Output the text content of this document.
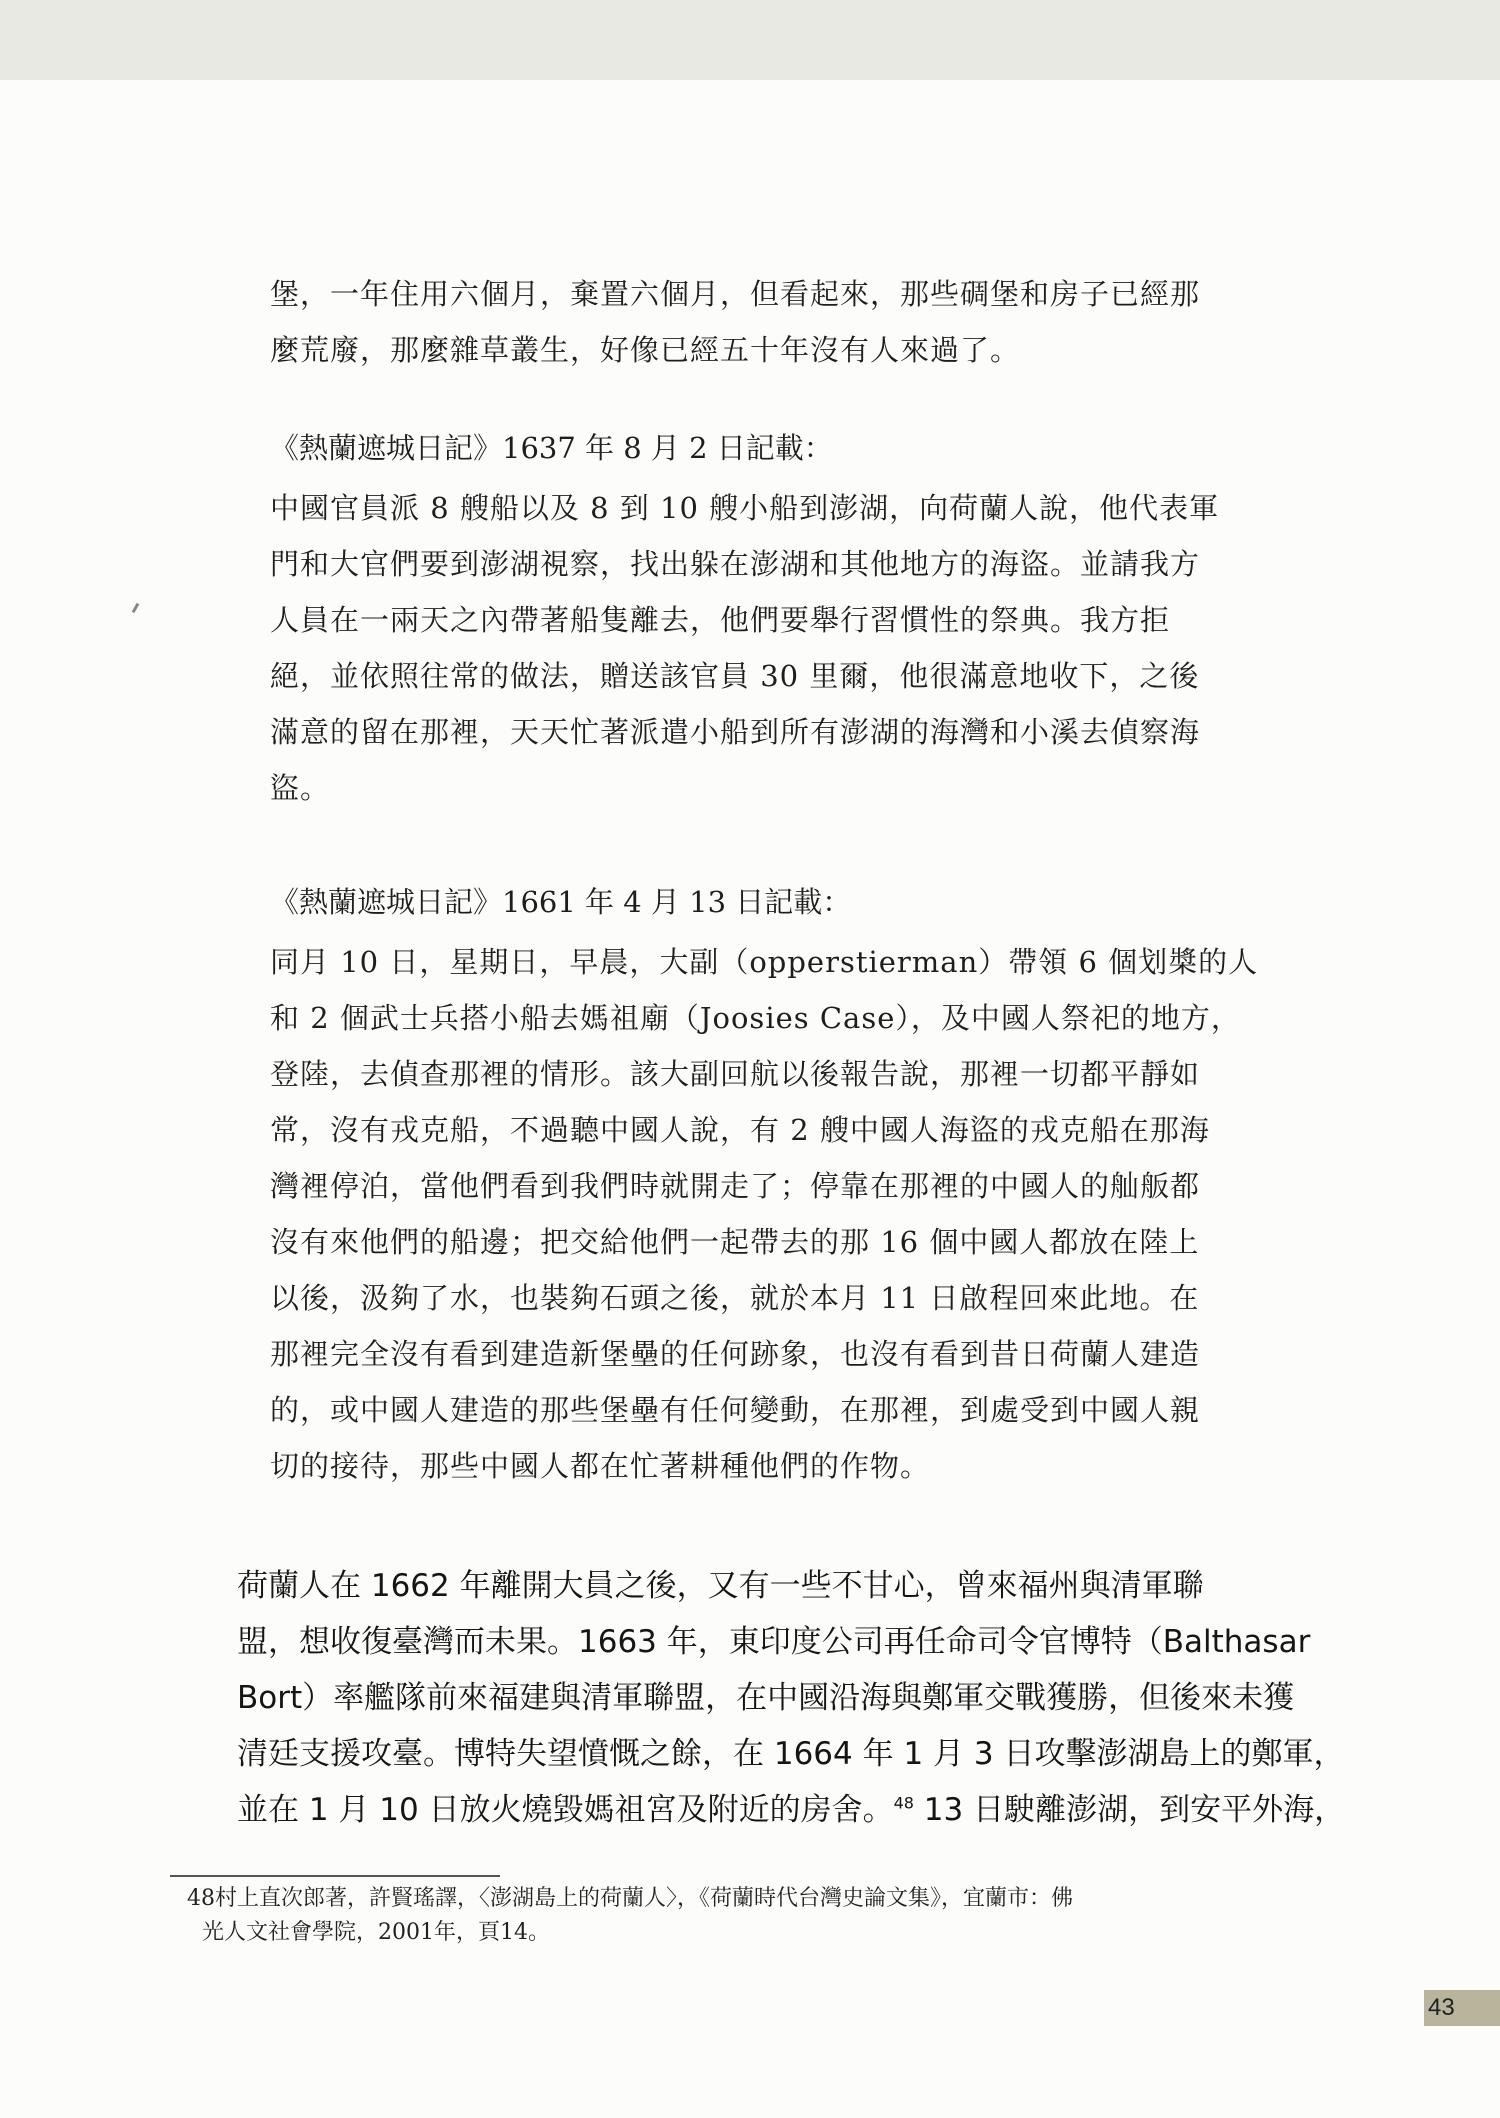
堡，一年住用六個月，棄置六個月，但看起來，那些碉堡和房子已經那

麼荒廢，那麼雜草叢生，好像已經五十年沒有人來過了。

《熱蘭遮城日記》1637 年 8 月 2 日記載：

中國官員派 8 艘船以及 8 到 10 艘小船到澎湖，向荷蘭人說，他代表軍

門和大官們要到澎湖視察，找出躲在澎湖和其他地方的海盜。並請我方

人員在一兩天之內帶著船隻離去，他們要舉行習慣性的祭典。我方拒

絕，並依照往常的做法，贈送該官員 30 里爾，他很滿意地收下，之後

滿意的留在那裡，天天忙著派遣小船到所有澎湖的海灣和小溪去偵察海

盜。

《熱蘭遮城日記》1661 年 4 月 13 日記載：

同月 10 日，星期日，早晨，大副（opperstierman）帶領 6 個划槳的人

和 2 個武士兵搭小船去媽祖廟（Joosies Case），及中國人祭祀的地方，

登陸，去偵查那裡的情形。該大副回航以後報告說，那裡一切都平靜如

常，沒有戎克船，不過聽中國人說，有 2 艘中國人海盜的戎克船在那海

灣裡停泊，當他們看到我們時就開走了；停靠在那裡的中國人的舢舨都

沒有來他們的船邊；把交給他們一起帶去的那 16 個中國人都放在陸上

以後，汲夠了水，也裝夠石頭之後，就於本月 11 日啟程回來此地。在

那裡完全沒有看到建造新堡壘的任何跡象，也沒有看到昔日荷蘭人建造

的，或中國人建造的那些堡壘有任何變動，在那裡，到處受到中國人親

切的接待，那些中國人都在忙著耕種他們的作物。

荷蘭人在 1662 年離開大員之後，又有一些不甘心，曾來福州與清軍聯
盟，想收復臺灣而未果。1663 年，東印度公司再任命司令官博特（Balthasar
Bort）率艦隊前來福建與清軍聯盟，在中國沿海與鄭軍交戰獲勝，但後來未獲
清廷支援攻臺。博特失望憤慨之餘，在 1664 年 1 月 3 日攻擊澎湖島上的鄭軍，
並在 1 月 10 日放火燒毀媽祖宮及附近的房舍。$^{48}$ 13 日駛離澎湖，到安平外海，
48村上直次郎著，許賢瑤譯，〈澎湖島上的荷蘭人〉，《荷蘭時代台灣史論文集》，宜蘭市：佛
光人文社會學院，2001年，頁14。
43
